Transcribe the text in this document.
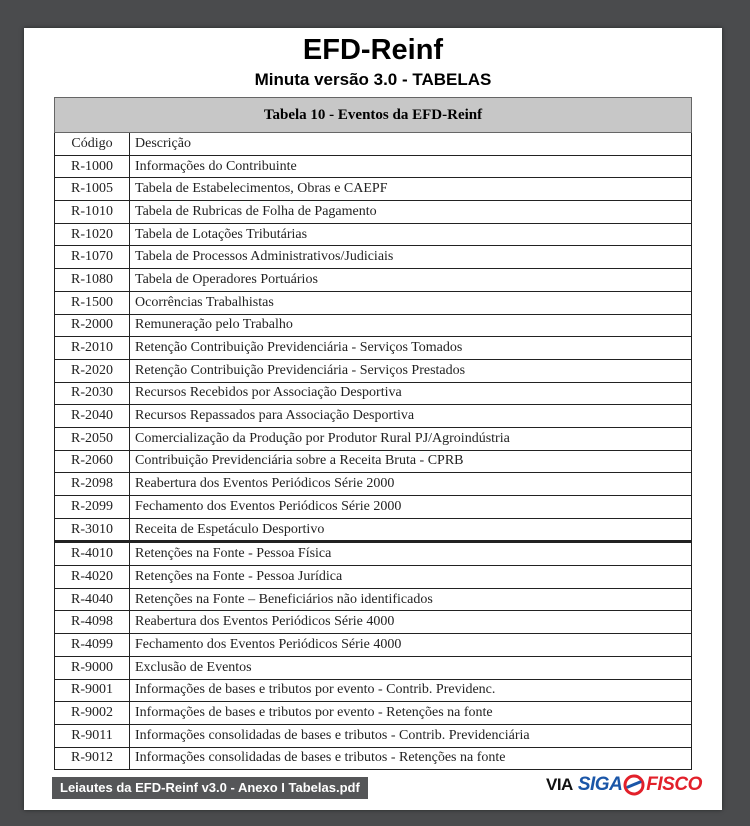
EFD-Reinf
Minuta versão 3.0 - TABELAS
Tabela 10 - Eventos da EFD-Reinf	
Código	Descrição
R-1000	Informações do Contribuinte
R-1005	Tabela de Estabelecimentos, Obras e CAEPF
R-1010	Tabela de Rubricas de Folha de Pagamento
R-1020	Tabela de Lotações Tributárias
R-1070	Tabela de Processos Administrativos/Judiciais
R-1080	Tabela de Operadores Portuários
R-1500	Ocorrências Trabalhistas
R-2000	Remuneração pelo Trabalho
R-2010	Retenção Contribuição Previdenciária - Serviços Tomados
R-2020	Retenção Contribuição Previdenciária - Serviços Prestados
R-2030	Recursos Recebidos por Associação Desportiva
R-2040	Recursos Repassados para Associação Desportiva
R-2050	Comercialização da Produção por Produtor Rural PJ/Agroindústria
R-2060	Contribuição Previdenciária sobre a Receita Bruta - CPRB
R-2098	Reabertura dos Eventos Periódicos Série 2000
R-2099	Fechamento dos Eventos Periódicos Série 2000
R-3010	Receita de Espetáculo Desportivo
R-4010	Retenções na Fonte - Pessoa Física
R-4020	Retenções na Fonte - Pessoa Jurídica
R-4040	Retenções na Fonte – Beneficiários não identificados
R-4098	Reabertura dos Eventos Periódicos Série 4000
R-4099	Fechamento dos Eventos Periódicos Série 4000
R-9000	Exclusão de Eventos
R-9001	Informações de bases e tributos por evento - Contrib. Previdenc.
R-9002	Informações de bases e tributos por evento - Retenções na fonte
R-9011	Informações consolidadas de bases e tributos - Contrib. Previdenciária
R-9012	Informações consolidadas de bases e tributos - Retenções na fonte
Leiautes da EFD-Reinf v3.0 - Anexo I Tabelas.pdf	VIA SIGA FISCO
